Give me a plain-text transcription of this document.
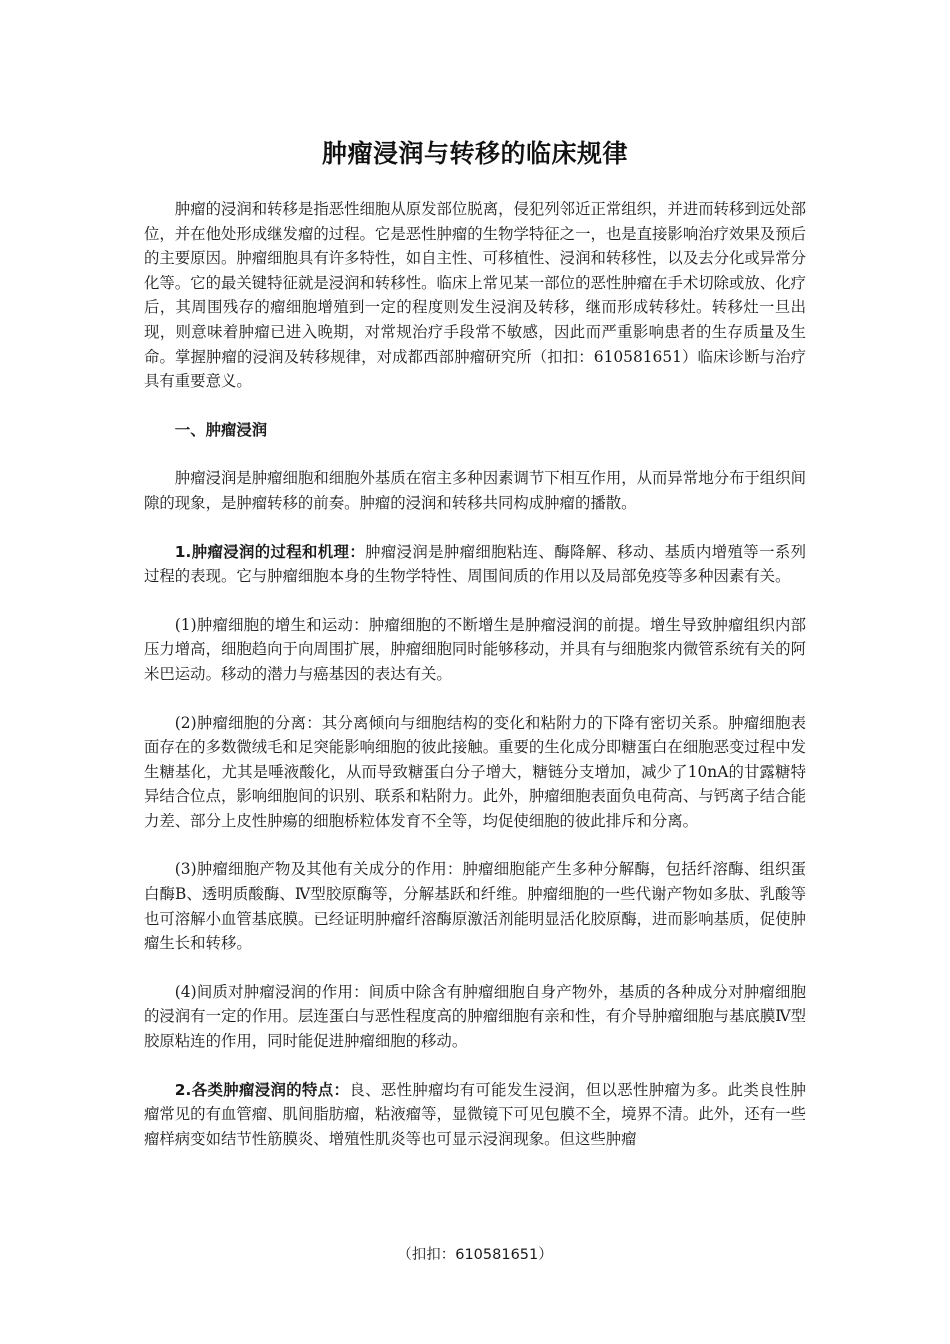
肿瘤浸润与转移的临床规律

肿瘤的浸润和转移是指恶性细胞从原发部位脱离，侵犯列邻近正常组织，并进而转移到远处部位，并在他处形成继发瘤的过程。它是恶性肿瘤的生物学特征之一，也是直接影响治疗效果及预后的主要原因。肿瘤细胞具有许多特性，如自主性、可移植性、浸润和转移性，以及去分化或异常分化等。它的最关键特征就是浸润和转移性。临床上常见某一部位的恶性肿瘤在手术切除或放、化疗后，其周围残存的瘤细胞增殖到一定的程度则发生浸润及转移，继而形成转移灶。转移灶一旦出现，则意味着肿瘤已进入晚期，对常规治疗手段常不敏感，因此而严重影响患者的生存质量及生命。掌握肿瘤的浸润及转移规律，对成都西部肿瘤研究所（扣扣：610581651）临床诊断与治疗具有重要意义。

一、肿瘤浸润

肿瘤浸润是肿瘤细胞和细胞外基质在宿主多种因素调节下相互作用，从而异常地分布于组织间隙的现象，是肿瘤转移的前奏。肿瘤的浸润和转移共同构成肿瘤的播散。

1.肿瘤浸润的过程和机理：肿瘤浸润是肿瘤细胞粘连、酶降解、移动、基质内增殖等一系列过程的表现。它与肿瘤细胞本身的生物学特性、周围间质的作用以及局部免疫等多种因素有关。

(1)肿瘤细胞的增生和运动：肿瘤细胞的不断增生是肿瘤浸润的前提。增生导致肿瘤组织内部压力增高，细胞趋向于向周围扩展，肿瘤细胞同时能够移动，并具有与细胞浆内微管系统有关的阿米巴运动。移动的潜力与癌基因的表达有关。

(2)肿瘤细胞的分离：其分离倾向与细胞结构的变化和粘附力的下降有密切关系。肿瘤细胞表面存在的多数微绒毛和足突能影响细胞的彼此接触。重要的生化成分即糖蛋白在细胞恶变过程中发生糖基化，尤其是唾液酸化，从而导致糖蛋白分子增大，糖链分支增加，减少了10nA的甘露糖特异结合位点，影响细胞间的识别、联系和粘附力。此外，肿瘤细胞表面负电荷高、与钙离子结合能力差、部分上皮性肿瘍的细胞桥粒体发育不全等，均促使细胞的彼此排斥和分离。

(3)肿瘤细胞产物及其他有关成分的作用：肿瘤细胞能产生多种分解酶，包括纤溶酶、组织蛋白酶B、透明质酸酶、Ⅳ型胶原酶等，分解基跃和纤维。肿瘤细胞的一些代谢产物如多肽、乳酸等也可溶解小血管基底膜。已经证明肿瘤纤溶酶原激活剂能明显活化胶原酶，进而影响基质，促使肿瘤生长和转移。

(4)间质对肿瘤浸润的作用：间质中除含有肿瘤细胞自身产物外，基质的各种成分对肿瘤细胞的浸润有一定的作用。层连蛋白与恶性程度高的肿瘤细胞有亲和性，有介导肿瘤细胞与基底膜Ⅳ型胶原粘连的作用，同时能促进肿瘤细胞的移动。

2.各类肿瘤浸润的特点：良、恶性肿瘤均有可能发生浸润，但以恶性肿瘤为多。此类良性肿瘤常见的有血管瘤、肌间脂肪瘤，粘液瘤等，显微镜下可见包膜不全，境界不清。此外，还有一些瘤样病变如结节性筋膜炎、增殖性肌炎等也可显示浸润现象。但这些肿瘤

（扣扣：610581651）
